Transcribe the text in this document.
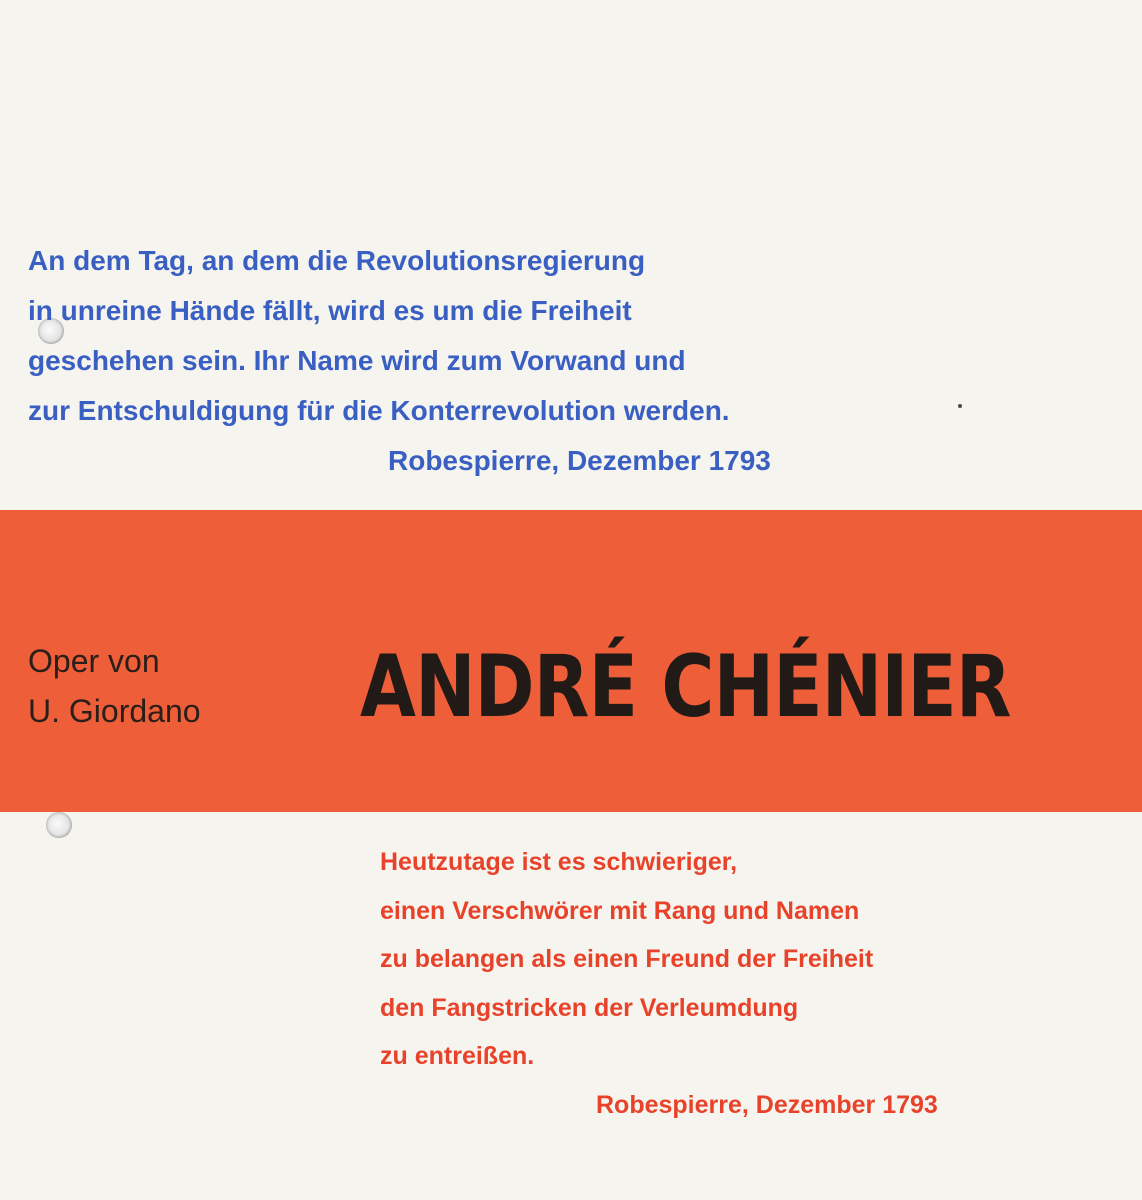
An dem Tag, an dem die Revolutionsregierung
in unreine Hände fällt, wird es um die Freiheit
geschehen sein. Ihr Name wird zum Vorwand und
zur Entschuldigung für die Konterrevolution werden.
Robespierre, Dezember 1793
Oper von
U. Giordano ANDRÉ CHÉNIER
Heutzutage ist es schwieriger,
einen Verschwörer mit Rang und Namen
zu belangen als einen Freund der Freiheit
den Fangstricken der Verleumdung
zu entreißen.
Robespierre, Dezember 1793
